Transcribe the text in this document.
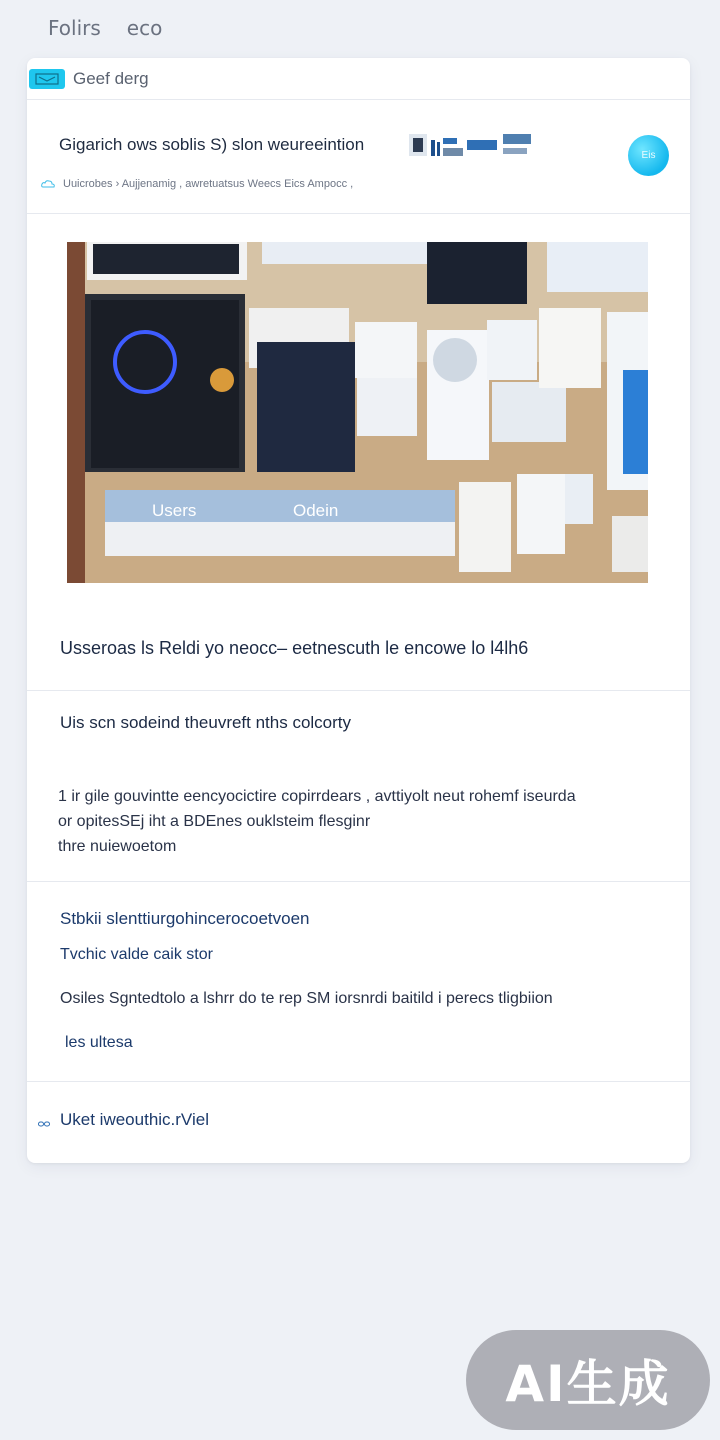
Folirs eco
Geef derg
Gigarich ows soblis S) slon weureeintion
Uuicrobes › Aujjenamig , awretuatsus Weecs Eics Ampocc ,
Eis
Users	Odein
Usseroas ls Reldi yo neocc– eetnescuth le encowe lo l4lh6
Uis scn sodeind theuvreft nths colcorty
1 ir gile gouvintte eencyocictire copirrdears , avttiyolt neut rohemf iseurda
or opitesSEj iht a BDEnes ouklsteim flesginr
thre nuiewoetom
Stbkii slenttiurgohincerocoetvoen
Tvchic valde caik stor
Osiles Sgntedtolo a lshrr do te rep SM iorsnrdi baitild i perecs tligbiion
les ultesa
Uket iweouthic.rViel
AI生成
